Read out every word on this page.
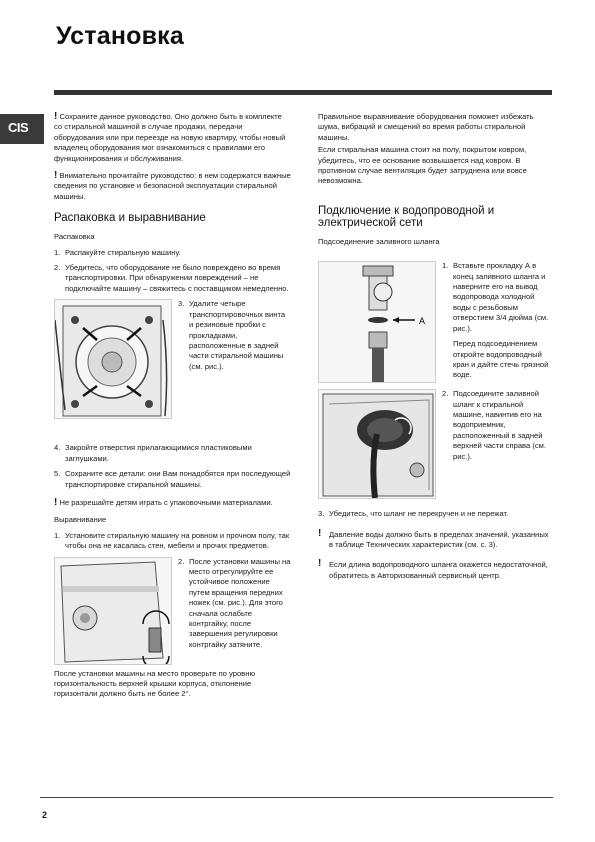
Установка
CIS

! Сохраните данное руководство. Оно должно быть в комплекте со стиральной машиной в случае продажи, передачи оборудования или при переезде на новую квартиру, чтобы новый владелец оборудования мог ознакомиться с правилами его функционирования и обслуживания.

! Внимательно прочитайте руководство: в нем содержатся важные сведения по установке и безопасной эксплуатации стиральной машины.

Распаковка и выравнивание
Распаковка
1. Распакуйте стиральную машину.
2. Убедитесь, что оборудование не было повреждено во время транспортировки. При обнаружении повреждений – не подключайте машину – свяжитесь с поставщиком немедленно.
3. Удалите четыре транспортировочных винта и резиновые пробки с прокладками, расположенные в задней части стиральной машины (см. рис.).
4. Закройте отверстия прилагающимися пластиковыми заглушками.
5. Сохраните все детали: они Вам понадобятся при последующей транспортировке стиральной машины.

! Не разрешайте детям играть с упаковочными материалами.

Выравнивание
1. Установите стиральную машину на ровном и прочном полу, так чтобы она не касалась стен, мебели и прочих предметов.
2. После установки машины на место отрегулируйте ее устойчивое положение путем вращения передних ножек (см. рис.). Для этого сначала ослабьте контргайку, после завершения регулировки контргайку затяните.

После установки машины на место проверьте по уровню горизонтальность верхней крышки корпуса, отклонение горизонтали должно быть не более 2°.

Правильное выравнивание оборудования поможет избежать шума, вибраций и смещений во время работы стиральной машины.

Если стиральная машина стоит на полу, покрытом ковром, убедитесь, что ее основание возвышается над ковром. В противном случае вентиляция будет затруднена или вовсе невозможна.

Подключение к водопроводной и электрической сети
Подсоединение заливного шланга
A
1. Вставьте прокладку А в конец заливного шланга и наверните его на вывод водопровода холодной воды с резьбовым отверстием 3/4 дюйма (см. рис.).

Перед подсоединением откройте водопроводный кран и дайте стечь грязной воде.

2. Подсоедините заливной шланг к стиральной машине, навинтив его на водоприемник, расположенный в задней верхней части справа (см. рис.).
3. Убедитесь, что шланг не перекручен и не пережат.
!	Давление воды должно быть в пределах значений, указанных в таблице Технических характеристик (см. с. 3).
!	Если длина водопроводного шланга окажется недостаточной, обратитесь в Авторизованный сервисный центр.
2
